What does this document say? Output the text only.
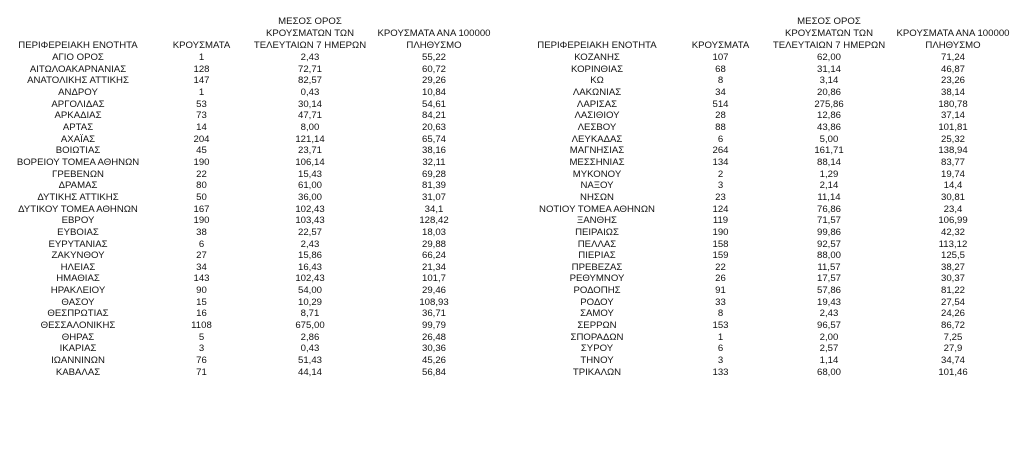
ΠΕΡΙΦΕΡΕΙΑΚΗ ΕΝΟΤΗΤΑ	ΚΡΟΥΣΜΑΤΑ	ΜΕΣΟΣ ΟΡΟΣ ΚΡΟΥΣΜΑΤΩΝ ΤΩΝ ΤΕΛΕΥΤΑΙΩΝ 7 ΗΜΕΡΩΝ	ΚΡΟΥΣΜΑΤΑ ΑΝΑ 100000 ΠΛΗΘΥΣΜΟ
ΑΓΙΟ ΟΡΟΣ	1	2,43	55,22
ΑΙΤΩΛΟΑΚΑΡΝΑΝΙΑΣ	128	72,71	60,72
ΑΝΑΤΟΛΙΚΗΣ ΑΤΤΙΚΗΣ	147	82,57	29,26
ΑΝΔΡΟΥ	1	0,43	10,84
ΑΡΓΟΛΙΔΑΣ	53	30,14	54,61
ΑΡΚΑΔΙΑΣ	73	47,71	84,21
ΑΡΤΑΣ	14	8,00	20,63
ΑΧΑΪΑΣ	204	121,14	65,74
ΒΟΙΩΤΙΑΣ	45	23,71	38,16
ΒΟΡΕΙΟΥ ΤΟΜΕΑ ΑΘΗΝΩΝ	190	106,14	32,11
ΓΡΕΒΕΝΩΝ	22	15,43	69,28
ΔΡΑΜΑΣ	80	61,00	81,39
ΔΥΤΙΚΗΣ ΑΤΤΙΚΗΣ	50	36,00	31,07
ΔΥΤΙΚΟΥ ΤΟΜΕΑ ΑΘΗΝΩΝ	167	102,43	34,1
ΕΒΡΟΥ	190	103,43	128,42
ΕΥΒΟΙΑΣ	38	22,57	18,03
ΕΥΡΥΤΑΝΙΑΣ	6	2,43	29,88
ΖΑΚΥΝΘΟΥ	27	15,86	66,24
ΗΛΕΙΑΣ	34	16,43	21,34
ΗΜΑΘΙΑΣ	143	102,43	101,7
ΗΡΑΚΛΕΙΟΥ	90	54,00	29,46
ΘΑΣΟΥ	15	10,29	108,93
ΘΕΣΠΡΩΤΙΑΣ	16	8,71	36,71
ΘΕΣΣΑΛΟΝΙΚΗΣ	1108	675,00	99,79
ΘΗΡΑΣ	5	2,86	26,48
ΙΚΑΡΙΑΣ	3	0,43	30,36
ΙΩΑΝΝΙΝΩΝ	76	51,43	45,26
ΚΑΒΑΛΑΣ	71	44,14	56,84
ΠΕΡΙΦΕΡΕΙΑΚΗ ΕΝΟΤΗΤΑ	ΚΡΟΥΣΜΑΤΑ	ΜΕΣΟΣ ΟΡΟΣ ΚΡΟΥΣΜΑΤΩΝ ΤΩΝ ΤΕΛΕΥΤΑΙΩΝ 7 ΗΜΕΡΩΝ	ΚΡΟΥΣΜΑΤΑ ΑΝΑ 100000 ΠΛΗΘΥΣΜΟ
ΚΟΖΑΝΗΣ	107	62,00	71,24
ΚΟΡΙΝΘΙΑΣ	68	31,14	46,87
ΚΩ	8	3,14	23,26
ΛΑΚΩΝΙΑΣ	34	20,86	38,14
ΛΑΡΙΣΑΣ	514	275,86	180,78
ΛΑΣΙΘΙΟΥ	28	12,86	37,14
ΛΕΣΒΟΥ	88	43,86	101,81
ΛΕΥΚΑΔΑΣ	6	5,00	25,32
ΜΑΓΝΗΣΙΑΣ	264	161,71	138,94
ΜΕΣΣΗΝΙΑΣ	134	88,14	83,77
ΜΥΚΟΝΟΥ	2	1,29	19,74
ΝΑΞΟΥ	3	2,14	14,4
ΝΗΣΩΝ	23	11,14	30,81
ΝΟΤΙΟΥ ΤΟΜΕΑ ΑΘΗΝΩΝ	124	76,86	23,4
ΞΑΝΘΗΣ	119	71,57	106,99
ΠΕΙΡΑΙΩΣ	190	99,86	42,32
ΠΕΛΛΑΣ	158	92,57	113,12
ΠΙΕΡΙΑΣ	159	88,00	125,5
ΠΡΕΒΕΖΑΣ	22	11,57	38,27
ΡΕΘΥΜΝΟΥ	26	17,57	30,37
ΡΟΔΟΠΗΣ	91	57,86	81,22
ΡΟΔΟΥ	33	19,43	27,54
ΣΑΜΟΥ	8	2,43	24,26
ΣΕΡΡΩΝ	153	96,57	86,72
ΣΠΟΡΑΔΩΝ	1	2,00	7,25
ΣΥΡΟΥ	6	2,57	27,9
ΤΗΝΟΥ	3	1,14	34,74
ΤΡΙΚΑΛΩΝ	133	68,00	101,46
